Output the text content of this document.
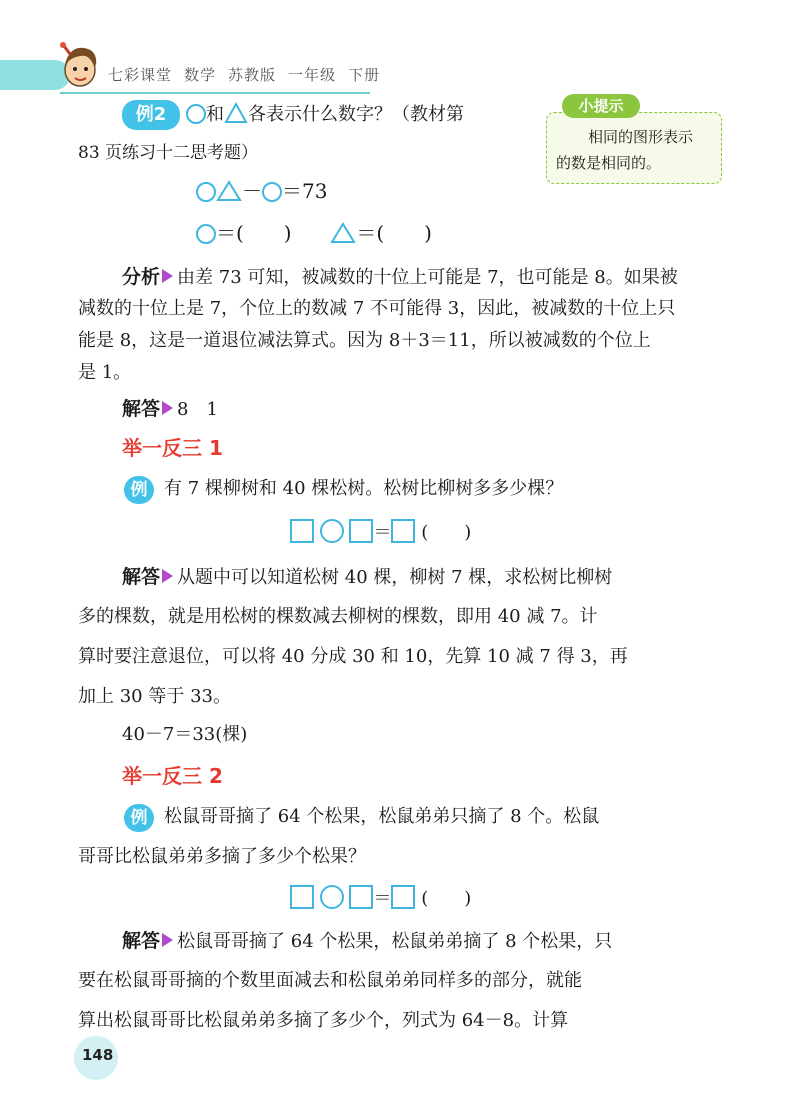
七彩课堂 数学 苏教版 一年级 下册
例2	和 各表示什么数字？（教材第
83 页练习十二思考题）
－ ＝73
＝(　　)	＝(　　)
小提示
相同的图形表示
的数是相同的。
分析 由差 73 可知，被减数的十位上可能是 7，也可能是 8。如果被
减数的十位上是 7，个位上的数减 7 不可能得 3，因此，被减数的十位上只
能是 8，这是一道退位减法算式。因为 8＋3＝11，所以被减数的个位上
是 1。
解答 8　1
举一反三 1
例 有 7 棵柳树和 40 棵松树。松树比柳树多多少棵？
＝ (　　)
解答 从题中可以知道松树 40 棵，柳树 7 棵，求松树比柳树
多的棵数，就是用松树的棵数减去柳树的棵数，即用 40 减 7。计
算时要注意退位，可以将 40 分成 30 和 10，先算 10 减 7 得 3，再
加上 30 等于 33。
40－7＝33(棵)
举一反三 2
例 松鼠哥哥摘了 64 个松果，松鼠弟弟只摘了 8 个。松鼠
哥哥比松鼠弟弟多摘了多少个松果？
＝ (　　)
解答 松鼠哥哥摘了 64 个松果，松鼠弟弟摘了 8 个松果，只
要在松鼠哥哥摘的个数里面减去和松鼠弟弟同样多的部分，就能
算出松鼠哥哥比松鼠弟弟多摘了多少个，列式为 64－8。计算
148
